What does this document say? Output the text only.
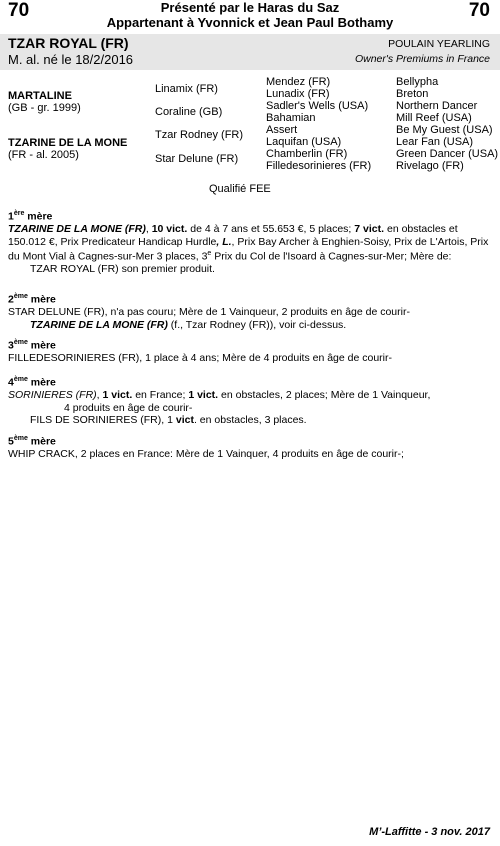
70	70
Présenté par le Haras du Saz
Appartenant à Yvonnick et Jean Paul Bothamy
TZAR ROYAL (FR)
M. al. né le 18/2/2016
POULAIN YEARLING
Owner's Premiums in France
MARTALINE
(GB - gr. 1999)
TZARINE DE LA MONE
(FR - al. 2005)
Linamix (FR)
Coraline (GB)
Tzar Rodney (FR)
Star Delune (FR)
Mendez (FR)
Lunadix (FR)
Sadler's Wells (USA)
Bahamian
Assert
Laquifan (USA)
Chamberlin (FR)
Filledesorinieres (FR)
Bellypha
Breton
Northern Dancer
Mill Reef (USA)
Be My Guest (USA)
Lear Fan (USA)
Green Dancer (USA)
Rivelago (FR)
Qualifié FEE
1ère mère
TZARINE DE LA MONE (FR), 10 vict. de 4 à 7 ans et 55.653 €, 5 places; 7 vict. en obstacles et 150.012 €, Prix Predicateur Handicap Hurdle, L., Prix Bay Archer à Enghien-Soisy, Prix de L'Artois, Prix du Mont Vial à Cagnes-sur-Mer 3 places, 3e Prix du Col de l'Isoard à Cagnes-sur-Mer; Mère de:
TZAR ROYAL (FR) son premier produit.
2ème mère
STAR DELUNE (FR), n'a pas couru; Mère de 1 Vainqueur, 2 produits en âge de courir-
TZARINE DE LA MONE (FR) (f., Tzar Rodney (FR)), voir ci-dessus.
3ème mère
FILLEDESORINIERES (FR), 1 place à 4 ans; Mère de 4 produits en âge de courir-
4ème mère
SORINIERES (FR), 1 vict. en France; 1 vict. en obstacles, 2 places; Mère de 1 Vainqueur,
4 produits en âge de courir-
FILS DE SORINIERES (FR), 1 vict. en obstacles, 3 places.
5ème mère
WHIP CRACK, 2 places en France: Mère de 1 Vainquer, 4 produits en âge de courir-;
M’-Laffitte - 3 nov. 2017
